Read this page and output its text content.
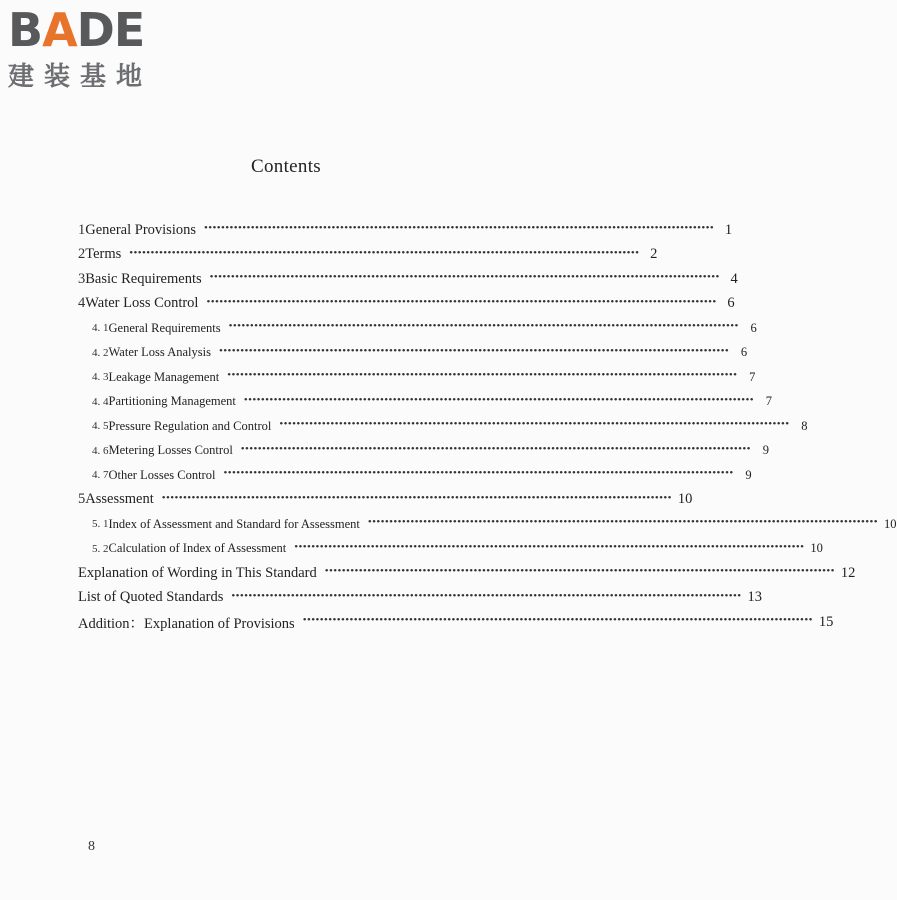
BADE
建装基地
Contents
1 General Provisions •••••••••••••••••••••••••••••••••••••••••••••••••••••••••••••••••••••••••••••••••••••••••••••••••••••••••••••••••••••••• 1
2 Terms •••••••••••••••••••••••••••••••••••••••••••••••••••••••••••••••••••••••••••••••••••••••••••••••••••••••••••••••••••••••• 2
3 Basic Requirements •••••••••••••••••••••••••••••••••••••••••••••••••••••••••••••••••••••••••••••••••••••••••••••••••••••••••••••••••••••••• 4
4 Water Loss Control •••••••••••••••••••••••••••••••••••••••••••••••••••••••••••••••••••••••••••••••••••••••••••••••••••••••••••••••••••••••• 6
4. 1 General Requirements •••••••••••••••••••••••••••••••••••••••••••••••••••••••••••••••••••••••••••••••••••••••••••••••••••••••••••••••••••••••• 6
4. 2 Water Loss Analysis •••••••••••••••••••••••••••••••••••••••••••••••••••••••••••••••••••••••••••••••••••••••••••••••••••••••••••••••••••••••• 6
4. 3 Leakage Management •••••••••••••••••••••••••••••••••••••••••••••••••••••••••••••••••••••••••••••••••••••••••••••••••••••••••••••••••••••••• 7
4. 4 Partitioning Management •••••••••••••••••••••••••••••••••••••••••••••••••••••••••••••••••••••••••••••••••••••••••••••••••••••••••••••••••••••••• 7
4. 5 Pressure Regulation and Control •••••••••••••••••••••••••••••••••••••••••••••••••••••••••••••••••••••••••••••••••••••••••••••••••••••••••••••••••••••••• 8
4. 6 Metering Losses Control •••••••••••••••••••••••••••••••••••••••••••••••••••••••••••••••••••••••••••••••••••••••••••••••••••••••••••••••••••••••• 9
4. 7 Other Losses Control •••••••••••••••••••••••••••••••••••••••••••••••••••••••••••••••••••••••••••••••••••••••••••••••••••••••••••••••••••••••• 9
5 Assessment •••••••••••••••••••••••••••••••••••••••••••••••••••••••••••••••••••••••••••••••••••••••••••••••••••••••••••••••••••••••• 10
5. 1 Index of Assessment and Standard for Assessment •••••••••••••••••••••••••••••••••••••••••••••••••••••••••••••••••••••••••••••••••••••••••••••••••••••••••••••••••••••••• 10
5. 2 Calculation of Index of Assessment •••••••••••••••••••••••••••••••••••••••••••••••••••••••••••••••••••••••••••••••••••••••••••••••••••••••••••••••••••••••• 10
Explanation of Wording in This Standard •••••••••••••••••••••••••••••••••••••••••••••••••••••••••••••••••••••••••••••••••••••••••••••••••••••••••••••••••••••••• 12
List of Quoted Standards •••••••••••••••••••••••••••••••••••••••••••••••••••••••••••••••••••••••••••••••••••••••••••••••••••••••••••••••••••••••• 13
Addition：Explanation of Provisions •••••••••••••••••••••••••••••••••••••••••••••••••••••••••••••••••••••••••••••••••••••••••••••••••••••••••••••••••••••••• 15
8
